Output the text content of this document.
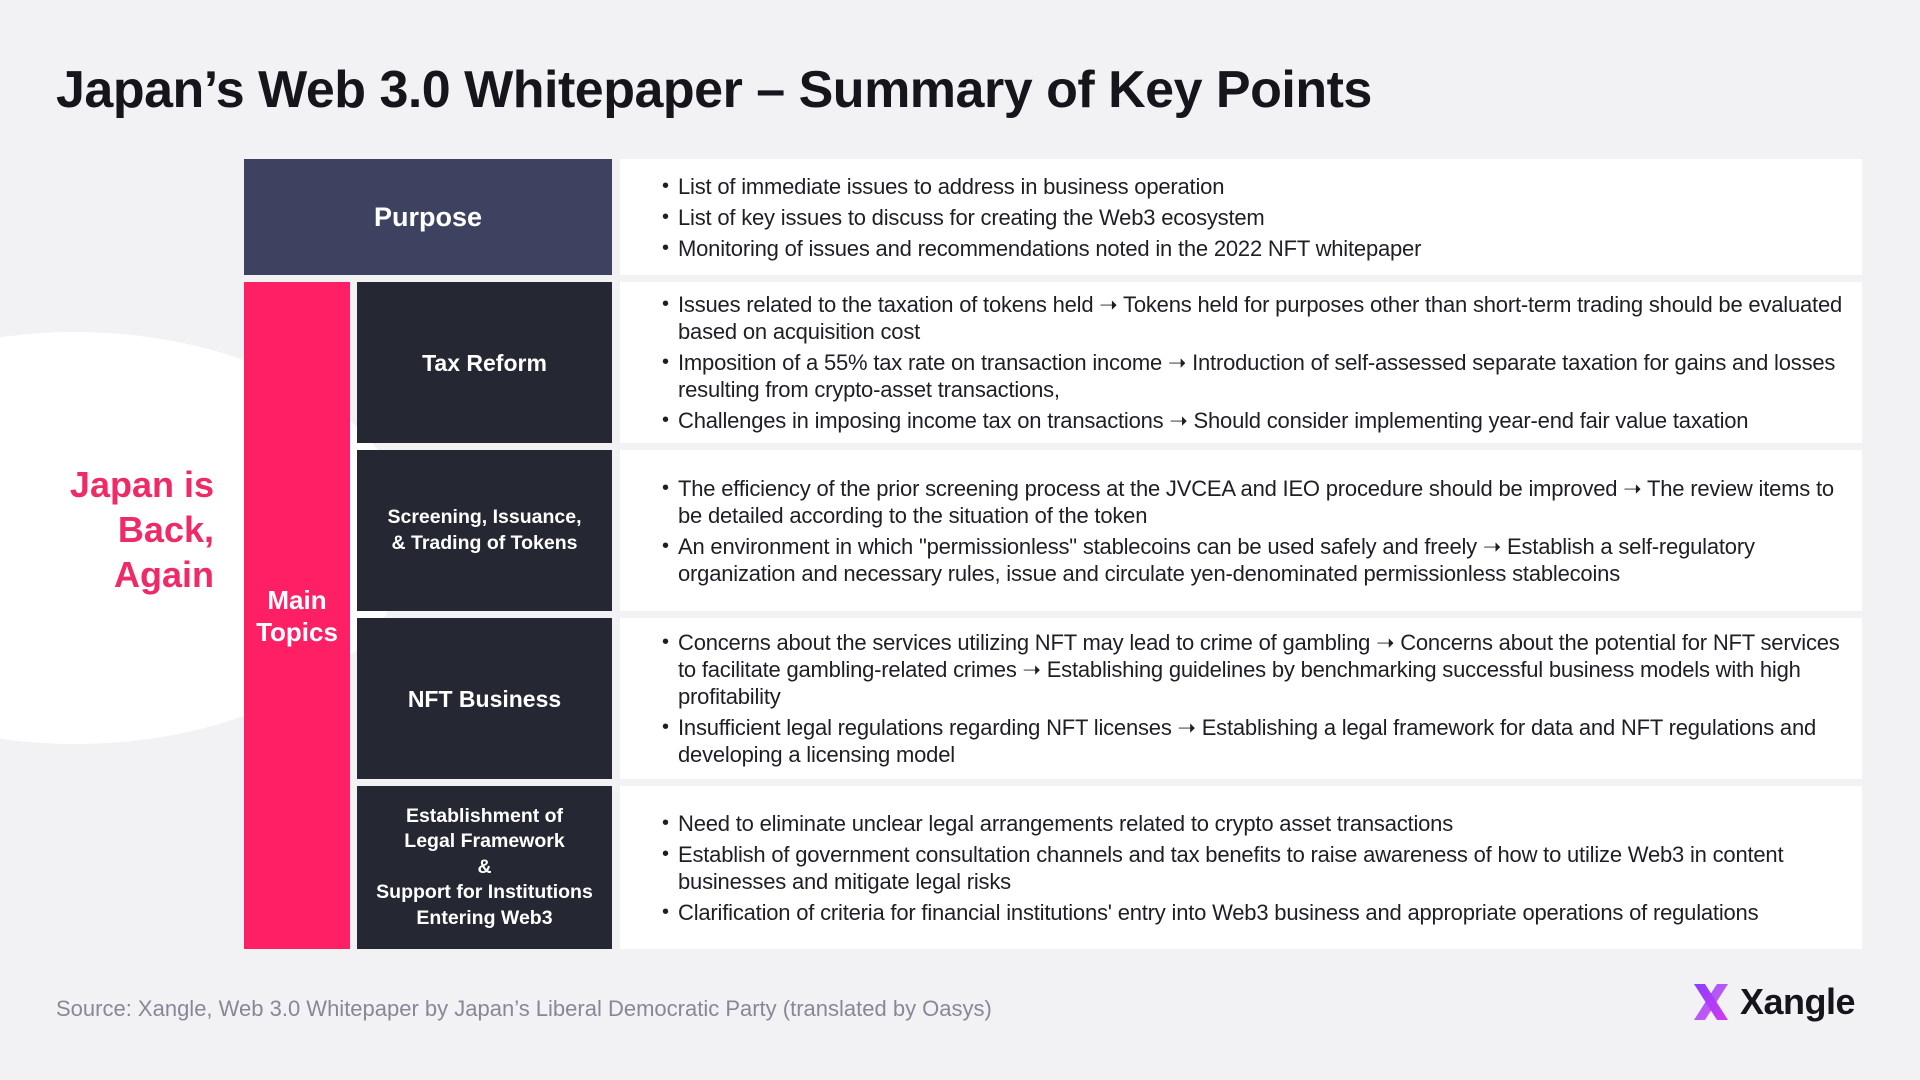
Japan’s Web 3.0 Whitepaper – Summary of Key Points
Japan is
Back,
Again
Purpose
• List of immediate issues to address in business operation
• List of key issues to discuss for creating the Web3 ecosystem
• Monitoring of issues and recommendations noted in the 2022 NFT whitepaper
Main
Topics
Tax Reform
• Issues related to the taxation of tokens held ➝ Tokens held for purposes other than short-term trading should be evaluated based on acquisition cost
• Imposition of a 55% tax rate on transaction income ➝ Introduction of self-assessed separate taxation for gains and losses resulting from crypto-asset transactions,
• Challenges in imposing income tax on transactions ➝ Should consider implementing year-end fair value taxation
Screening, Issuance,
& Trading of Tokens
• The efficiency of the prior screening process at the JVCEA and IEO procedure should be improved ➝ The review items to be detailed according to the situation of the token
• An environment in which "permissionless" stablecoins can be used safely and freely ➝ Establish a self-regulatory organization and necessary rules, issue and circulate yen-denominated permissionless stablecoins
NFT Business
• Concerns about the services utilizing NFT may lead to crime of gambling ➝ Concerns about the potential for NFT services to facilitate gambling-related crimes ➝ Establishing guidelines by benchmarking successful business models with high profitability
• Insufficient legal regulations regarding NFT licenses ➝ Establishing a legal framework for data and NFT regulations and developing a licensing model
Establishment of
Legal Framework
&
Support for Institutions
Entering Web3
• Need to eliminate unclear legal arrangements related to crypto asset transactions
• Establish of government consultation channels and tax benefits to raise awareness of how to utilize Web3 in content businesses and mitigate legal risks
• Clarification of criteria for financial institutions' entry into Web3 business and appropriate operations of regulations
Source: Xangle, Web 3.0 Whitepaper by Japan’s Liberal Democratic Party (translated by Oasys)	Xangle
